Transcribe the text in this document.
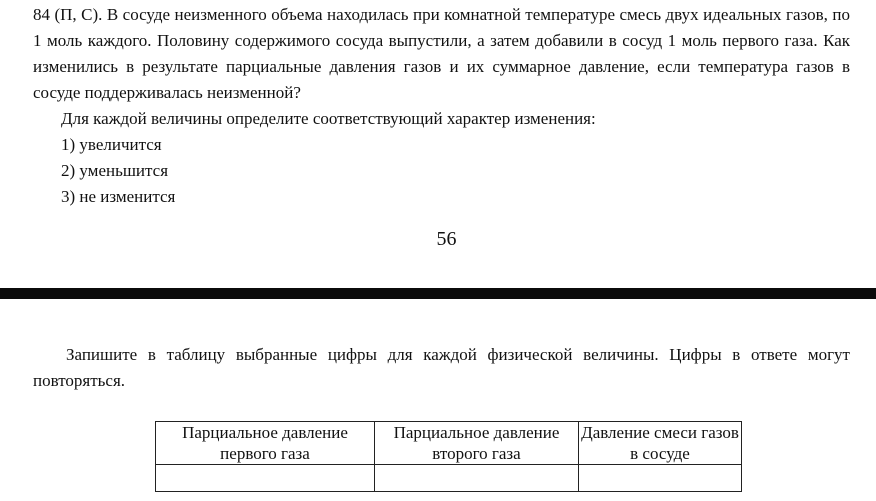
84 (П, С). В сосуде неизменного объема находилась при комнатной температуре смесь двух идеальных газов, по 1 моль каждого. Половину содержимого сосуда выпустили, а затем добавили в сосуд 1 моль первого газа. Как изменились в результате парциальные давления газов и их суммарное давление, если температура газов в сосуде поддерживалась неизменной?

Для каждой величины определите соответствующий характер изменения:

1) увеличится

2) уменьшится

3) не изменится

56

Запишите в таблицу выбранные цифры для каждой физической величины. Цифры в ответе могут повторяться.

Парциальное давление первого газа	Парциальное давление второго газа	Давление смеси газов в сосуде
